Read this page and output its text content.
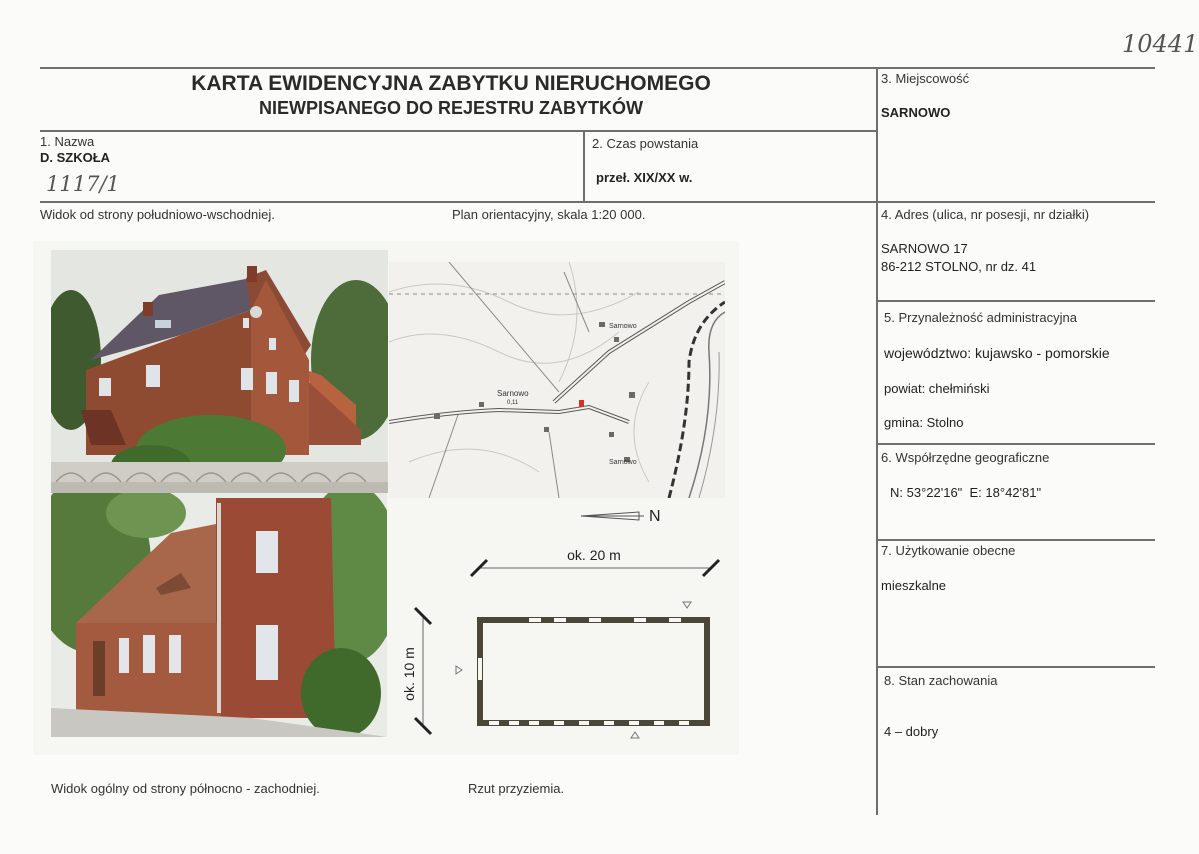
10441
KARTA EWIDENCYJNA ZABYTKU NIERUCHOMEGO
NIEWPISANEGO DO REJESTRU ZABYTKÓW
1. Nazwa
D. SZKOŁA
1117/1
2. Czas powstania
przeł. XIX/XX w.
3. Miejscowość
SARNOWO
Widok od strony południowo-wschodniej.	Plan orientacyjny, skala 1:20 000.	4. Adres (ulica, nr posesji, nr działki)
SARNOWO 17
86-212 STOLNO, nr dz. 41
5. Przynależność administracyjna
województwo: kujawsko - pomorskie
powiat: chełmiński
gmina: Stolno
6. Współrzędne geograficzne
N: 53°22'16"  E: 18°42'81"
7. Użytkowanie obecne
mieszkalne
8. Stan zachowania
4 – dobry
Sarnowo
0,11
Sarnowo
Sarnowo
N
ok. 20 m
ok. 10 m
Widok ogólny od strony północno - zachodniej.	Rzut przyziemia.
